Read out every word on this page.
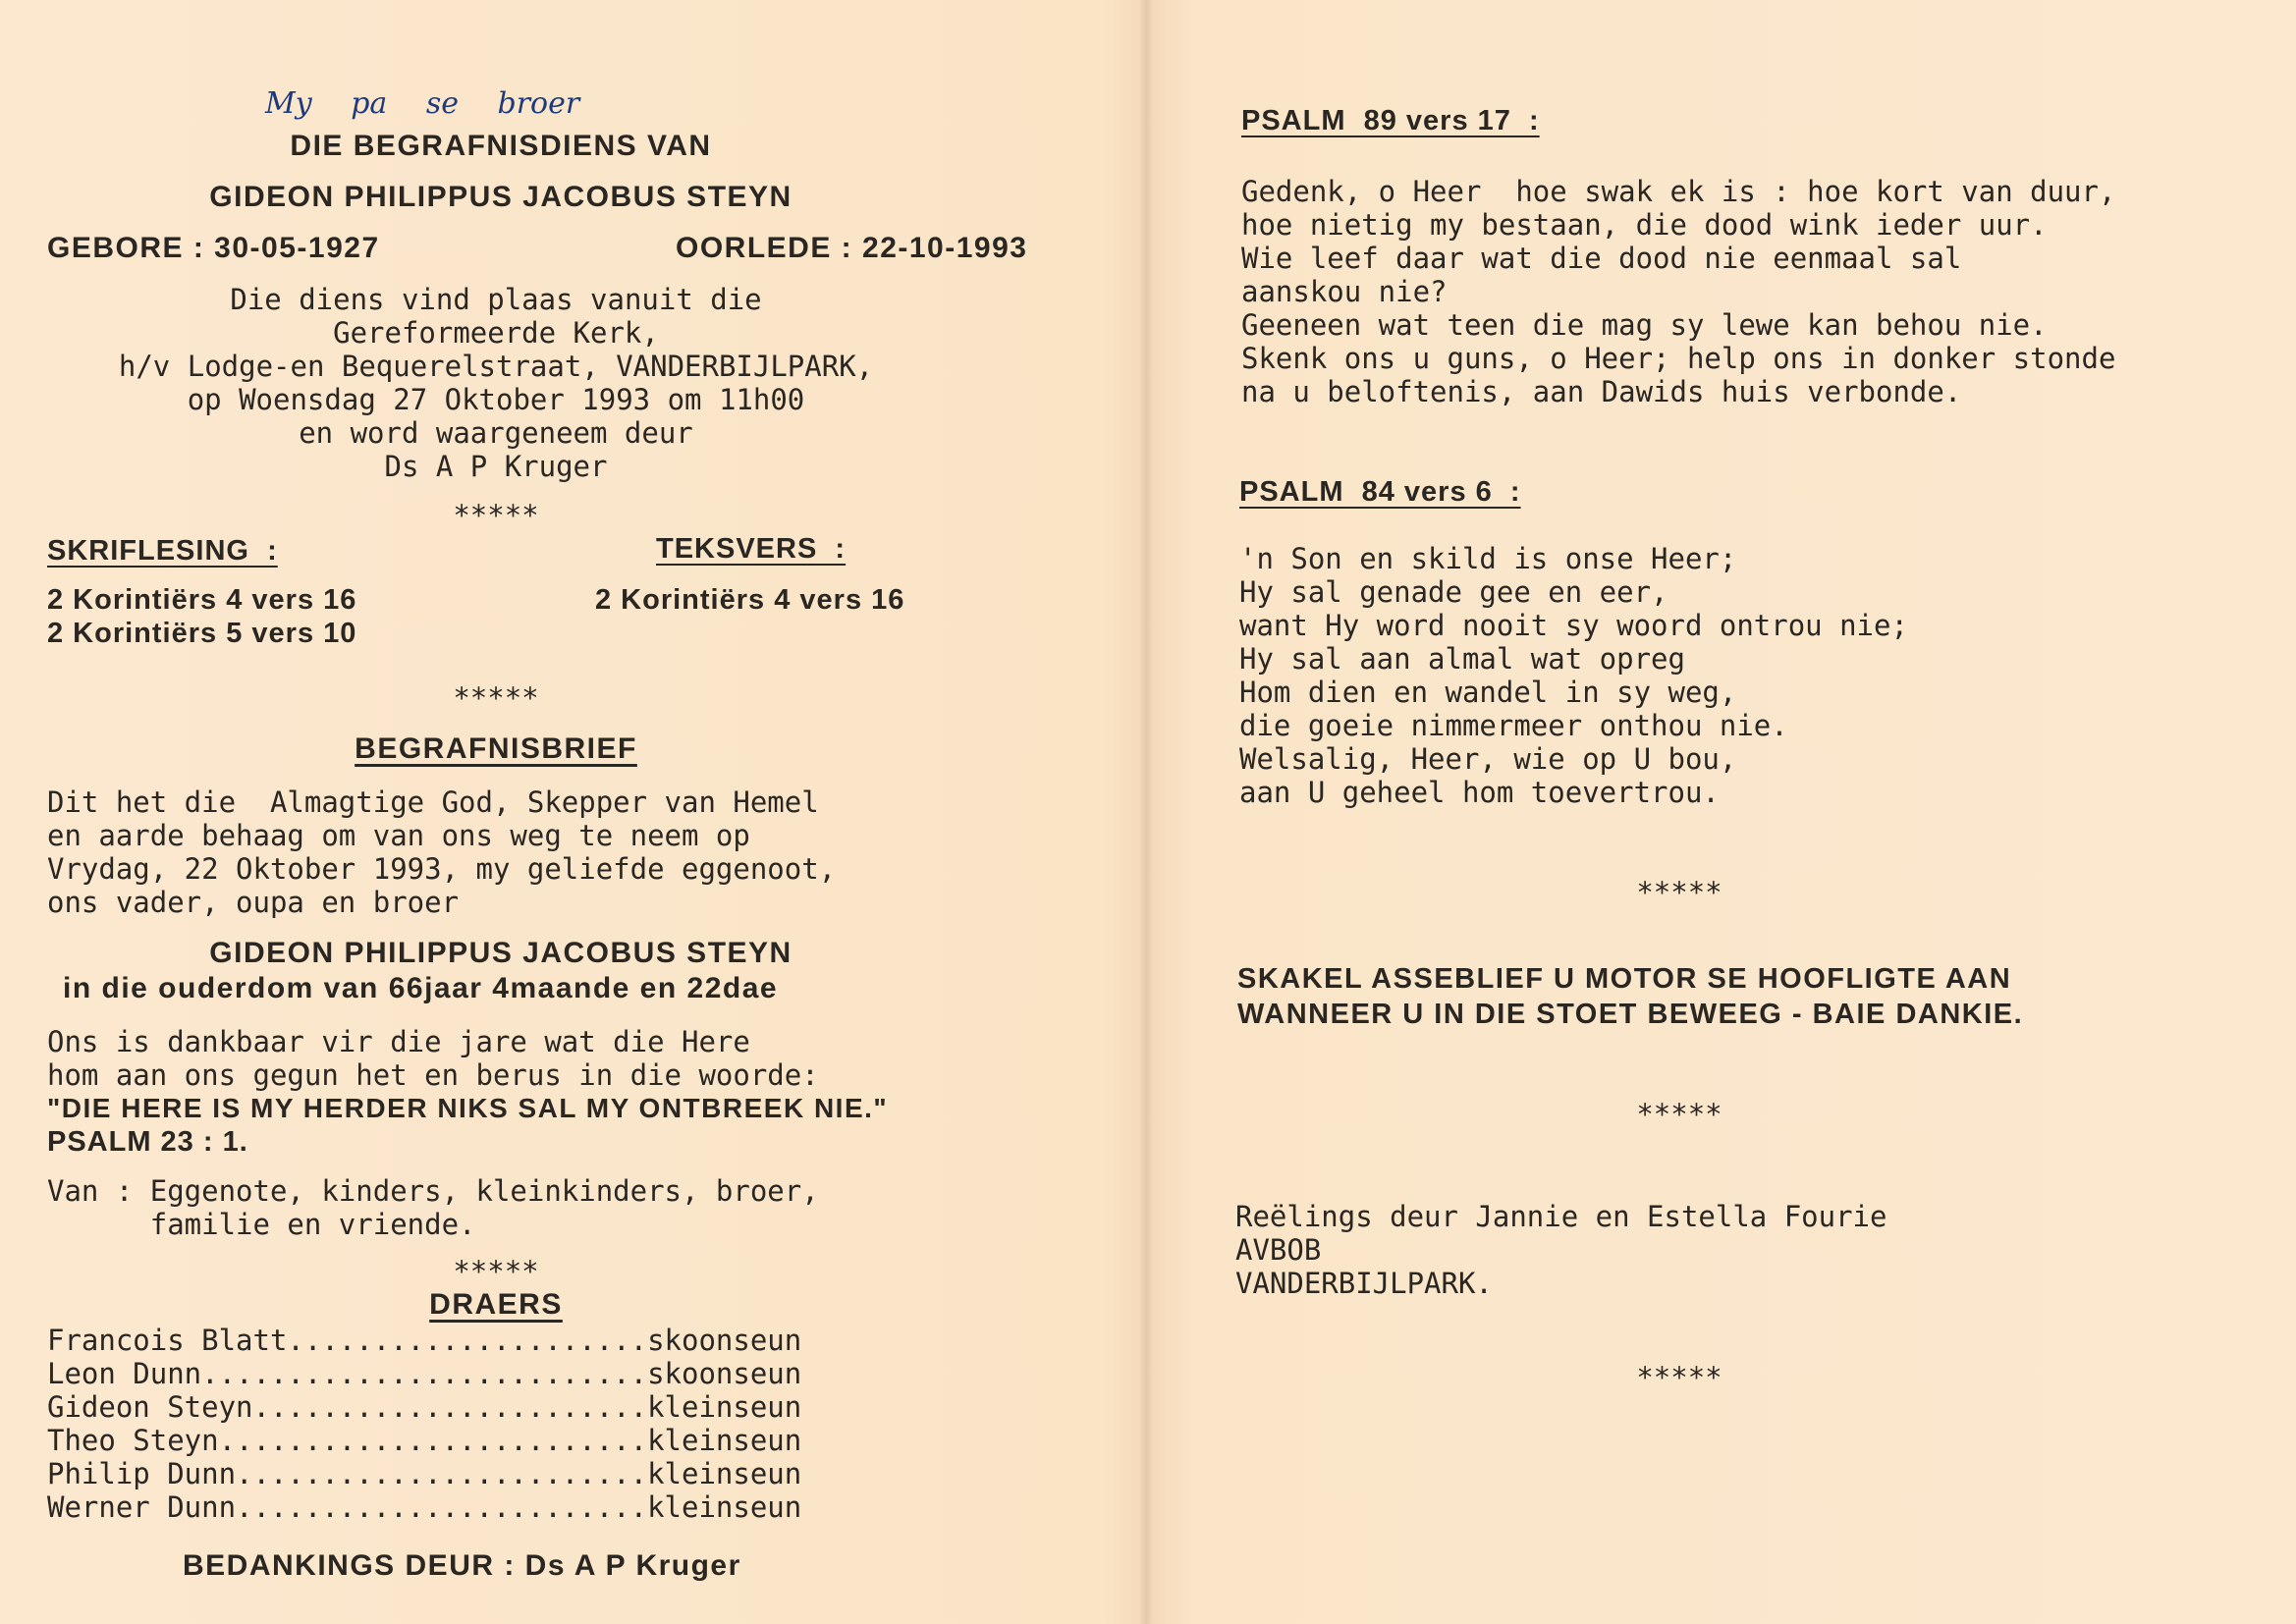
My pa se broer
DIE BEGRAFNISDIENS VAN
GIDEON PHILIPPUS JACOBUS STEYN
GEBORE : 30-05-1927	OORLEDE : 22-10-1993
Die diens vind plaas vanuit die
Gereformeerde Kerk,
h/v Lodge-en Bequerelstraat, VANDERBIJLPARK,
op Woensdag 27 Oktober 1993 om 11h00
en word waargeneem deur
Ds A P Kruger
*****
SKRIFLESING  :	TEKSVERS  :
2 Korintiërs 4 vers 16
2 Korintiërs 5 vers 10
2 Korintiërs 4 vers 16
*****
BEGRAFNISBRIEF
Dit het die  Almagtige God, Skepper van Hemel
en aarde behaag om van ons weg te neem op
Vrydag, 22 Oktober 1993, my geliefde eggenoot,
ons vader, oupa en broer
GIDEON PHILIPPUS JACOBUS STEYN
in die ouderdom van 66jaar 4maande en 22dae
Ons is dankbaar vir die jare wat die Here
hom aan ons gegun het en berus in die woorde:
"DIE HERE IS MY HERDER NIKS SAL MY ONTBREEK NIE."
PSALM 23 : 1.
Van : Eggenote, kinders, kleinkinders, broer,
familie en vriende.
*****
DRAERS
Francois Blatt.....................skoonseun
Leon Dunn..........................skoonseun
Gideon Steyn.......................kleinseun
Theo Steyn.........................kleinseun
Philip Dunn........................kleinseun
Werner Dunn........................kleinseun
BEDANKINGS DEUR : Ds A P Kruger
PSALM  89 vers 17  :
Gedenk, o Heer  hoe swak ek is : hoe kort van duur,
hoe nietig my bestaan, die dood wink ieder uur.
Wie leef daar wat die dood nie eenmaal sal
aanskou nie?
Geeneen wat teen die mag sy lewe kan behou nie.
Skenk ons u guns, o Heer; help ons in donker stonde
na u beloftenis, aan Dawids huis verbonde.
PSALM  84 vers 6  :
'n Son en skild is onse Heer;
Hy sal genade gee en eer,
want Hy word nooit sy woord ontrou nie;
Hy sal aan almal wat opreg
Hom dien en wandel in sy weg,
die goeie nimmermeer onthou nie.
Welsalig, Heer, wie op U bou,
aan U geheel hom toevertrou.
*****
SKAKEL ASSEBLIEF U MOTOR SE HOOFLIGTE AAN
WANNEER U IN DIE STOET BEWEEG - BAIE DANKIE.
*****
Reëlings deur Jannie en Estella Fourie
AVBOB
VANDERBIJLPARK.
*****
